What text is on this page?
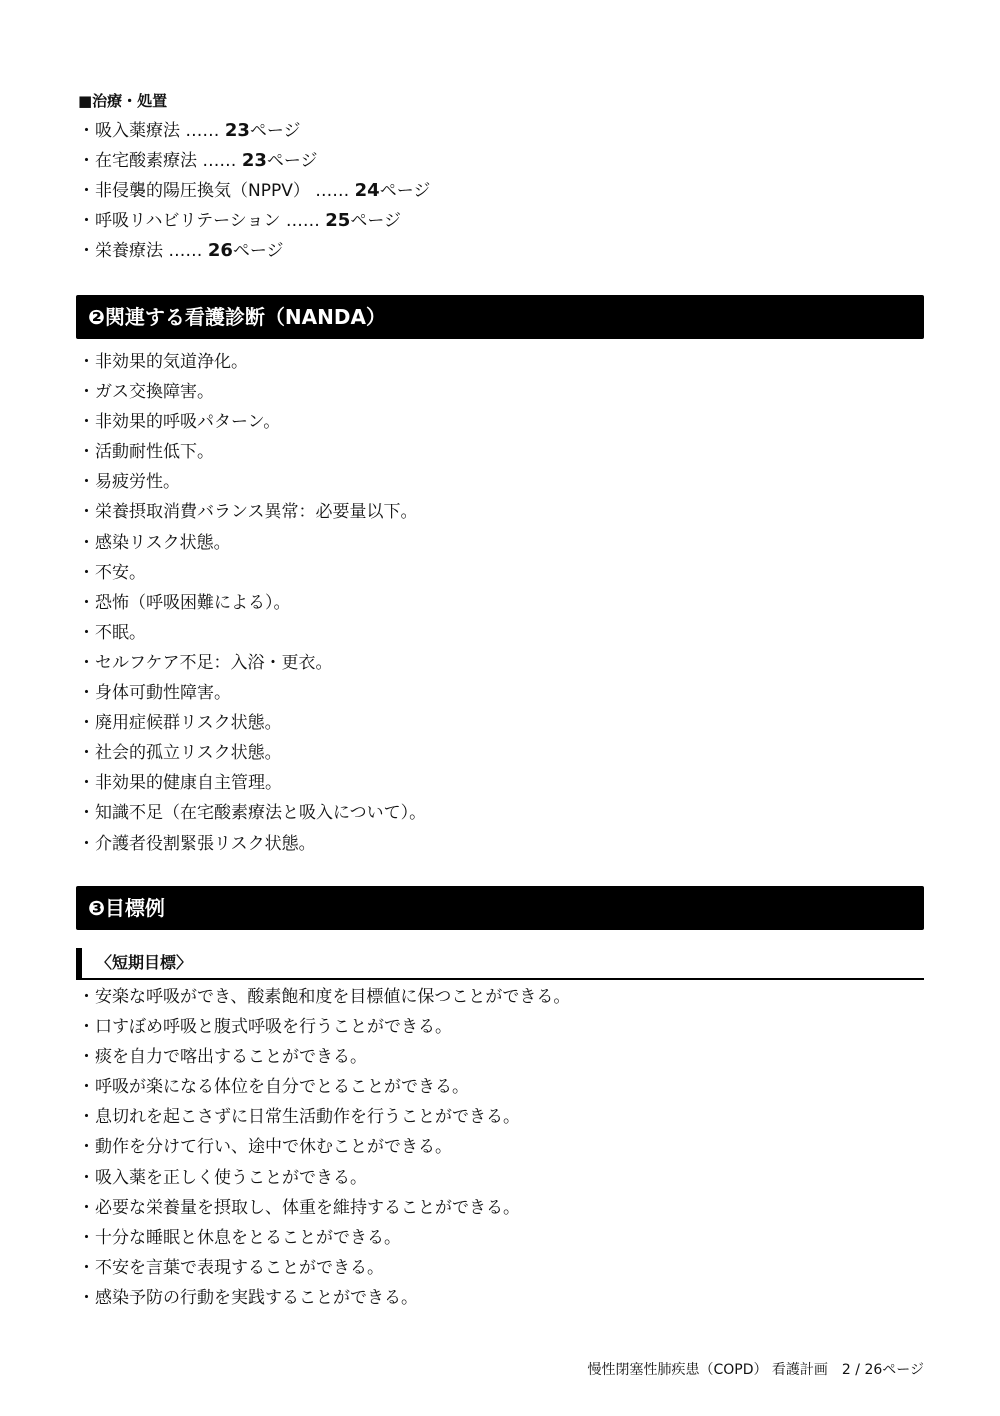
■治療・処置
・吸入薬療法 …… 23ページ
・在宅酸素療法 …… 23ページ
・非侵襲的陽圧換気（NPPV） …… 24ページ
・呼吸リハビリテーション …… 25ページ
・栄養療法 …… 26ページ
❷関連する看護診断（NANDA）
・非効果的気道浄化。
・ガス交換障害。
・非効果的呼吸パターン。
・活動耐性低下。
・易疲労性。
・栄養摂取消費バランス異常：必要量以下。
・感染リスク状態。
・不安。
・恐怖（呼吸困難による）。
・不眠。
・セルフケア不足：入浴・更衣。
・身体可動性障害。
・廃用症候群リスク状態。
・社会的孤立リスク状態。
・非効果的健康自主管理。
・知識不足（在宅酸素療法と吸入について）。
・介護者役割緊張リスク状態。
❸目標例
〈短期目標〉
・安楽な呼吸ができ、酸素飽和度を目標値に保つことができる。
・口すぼめ呼吸と腹式呼吸を行うことができる。
・痰を自力で喀出することができる。
・呼吸が楽になる体位を自分でとることができる。
・息切れを起こさずに日常生活動作を行うことができる。
・動作を分けて行い、途中で休むことができる。
・吸入薬を正しく使うことができる。
・必要な栄養量を摂取し、体重を維持することができる。
・十分な睡眠と休息をとることができる。
・不安を言葉で表現することができる。
・感染予防の行動を実践することができる。
慢性閉塞性肺疾患（COPD） 看護計画　2 / 26ページ
